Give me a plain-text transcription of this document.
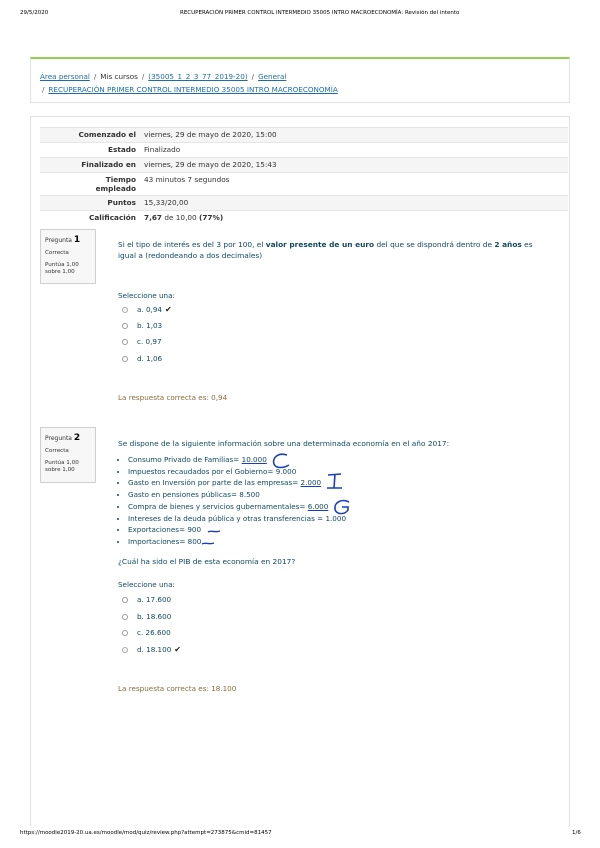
29/5/2020	RECUPERACIÓN PRIMER CONTROL INTERMEDIO 35005 INTRO MACROECONOMÍA: Revisión del intento
Área personal / Mis cursos / (35005_1_2_3_77_2019-20) / General
/ RECUPERACIÓN PRIMER CONTROL INTERMEDIO 35005 INTRO MACROECONOMÍA
Comenzado el	viernes, 29 de mayo de 2020, 15:00
Estado	Finalizado
Finalizado en	viernes, 29 de mayo de 2020, 15:43
Tiempo empleado	43 minutos 7 segundos
Puntos	15,33/20,00
Calificación	7,67 de 10,00 (77%)
Pregunta 1
Correcta
Puntúa 1,00 sobre 1,00
Si el tipo de interés es del 3 por 100, el valor presente de un euro del que se dispondrá dentro de 2 años es igual a (redondeando a dos decimales)
Seleccione una:
a. 0,94 ✔
b. 1,03
c. 0,97
d. 1,06
La respuesta correcta es: 0,94
Pregunta 2
Correcta
Puntúa 1,00 sobre 1,00
Se dispone de la siguiente información sobre una determinada economía en el año 2017:
• Consumo Privado de Familias= 10.000
• Impuestos recaudados por el Gobierno= 9.000
• Gasto en Inversión por parte de las empresas= 2.000
• Gasto en pensiones públicas= 8.500
• Compra de bienes y servicios gubernamentales= 6.000
• Intereses de la deuda pública y otras transferencias = 1.000
• Exportaciones= 900
• Importaciones= 800
¿Cuál ha sido el PIB de esta economía en 2017?
Seleccione una:
a. 17.600
b. 18.600
c. 26.600
d. 18.100 ✔
La respuesta correcta es: 18.100
https://moodle2019-20.ua.es/moodle/mod/quiz/review.php?attempt=273875&cmid=81457	1/6
